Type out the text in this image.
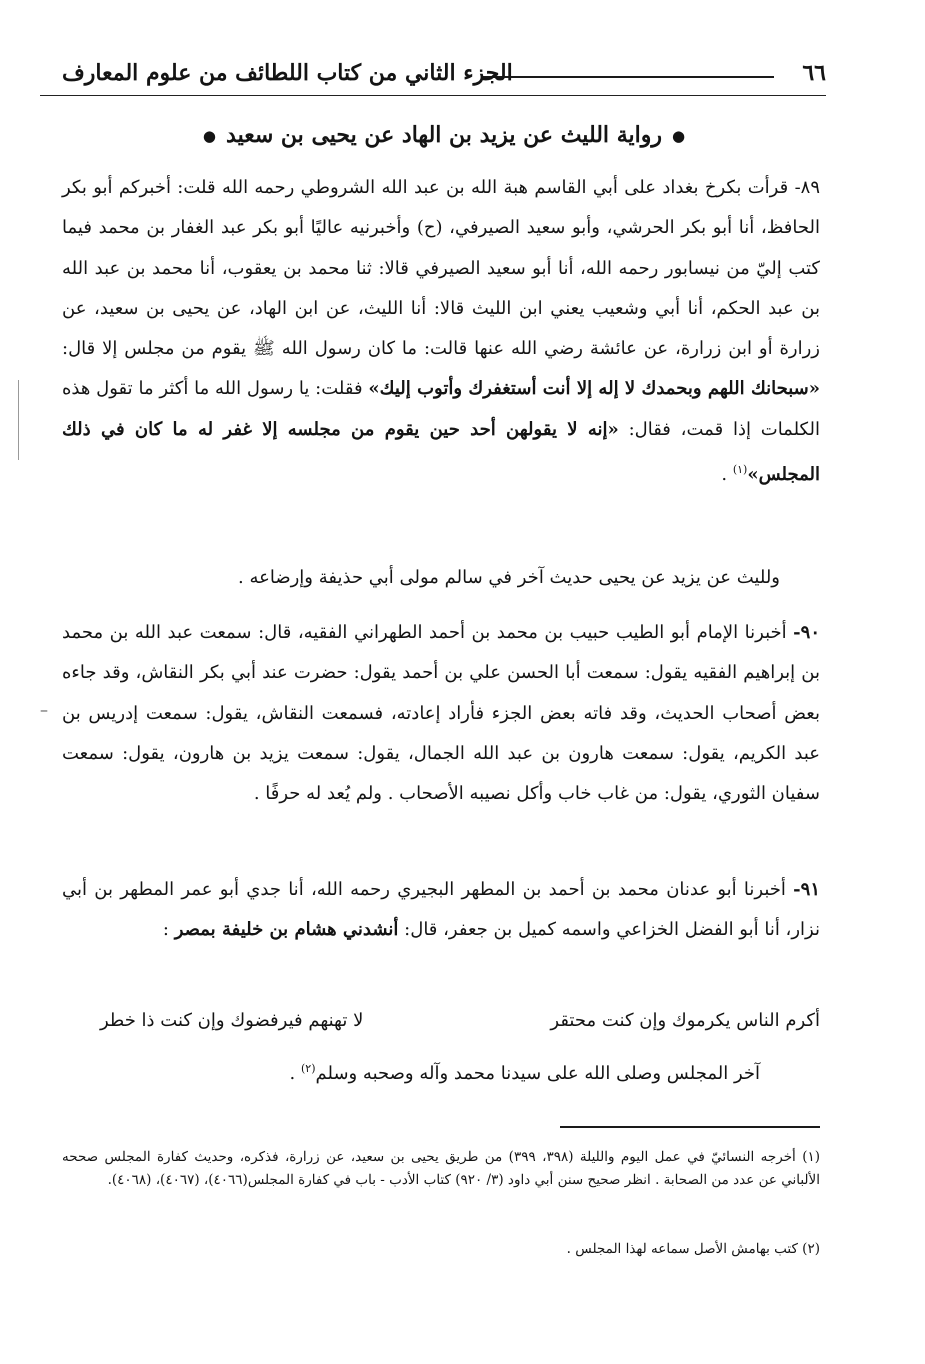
٦٦
الجزء الثاني من كتاب اللطائف من علوم المعارف
●رواية الليث عن يزيد بن الهاد عن يحيى بن سعيد●
٨٩- قرأت بكرخ بغداد على أبي القاسم هبة الله بن عبد الله الشروطي رحمه الله قلت: أخبركم أبو بكر الحافظ، أنا أبو بكر الحرشي، وأبو سعيد الصيرفي، (ح) وأخبرنيه عاليًا أبو بكر عبد الغفار بن محمد فيما كتب إليّ من نيسابور رحمه الله، أنا أبو سعيد الصيرفي قالا: ثنا محمد بن يعقوب، أنا محمد بن عبد الله بن عبد الحكم، أنا أبي وشعيب يعني ابن الليث قالا: أنا الليث، عن ابن الهاد، عن يحيى بن سعيد، عن زرارة أو ابن زرارة، عن عائشة رضي الله عنها قالت: ما كان رسول الله ﷺ يقوم من مجلس إلا قال: «سبحانك اللهم وبحمدك لا إله إلا أنت أستغفرك وأتوب إليك» فقلت: يا رسول الله ما أكثر ما تقول هذه الكلمات إذا قمت، فقال: «إنه لا يقولهن أحد حين يقوم من مجلسه إلا غفر له ما كان في ذلك المجلس»$^{(١)}$ .
ولليث عن يزيد عن يحيى حديث آخر في سالم مولى أبي حذيفة وإرضاعه .
٩٠- أخبرنا الإمام أبو الطيب حبيب بن محمد بن أحمد الطهراني الفقيه، قال: سمعت عبد الله بن محمد بن إبراهيم الفقيه يقول: سمعت أبا الحسن علي بن أحمد يقول: حضرت عند أبي بكر النقاش، وقد جاءه بعض أصحاب الحديث، وقد فاته بعض الجزء فأراد إعادته، فسمعت النقاش، يقول: سمعت إدريس بن عبد الكريم، يقول: سمعت هارون بن عبد الله الجمال، يقول: سمعت يزيد بن هارون، يقول: سمعت سفيان الثوري، يقول: من غاب خاب وأكل نصيبه الأصحاب . ولم يُعد له حرفًا .
٩١- أخبرنا أبو عدنان محمد بن أحمد بن المطهر البجيري رحمه الله، أنا جدي أبو عمر المطهر بن أبي نزار، أنا أبو الفضل الخزاعي واسمه كميل بن جعفر، قال: أنشدني هشام بن خليفة بمصر :
أكرم الناس يكرموك وإن كنت محتقر
لا تهنهم فيرفضوك وإن كنت ذا خطر
آخر المجلس وصلى الله على سيدنا محمد وآله وصحبه وسلم$^{(٢)}$ .
(١) أخرجه النسائيّ في عمل اليوم والليلة (٣٩٨، ٣٩٩) من طريق يحيى بن سعيد، عن زرارة، فذكره، وحديث كفارة المجلس صححه الألباني عن عدد من الصحابة . انظر صحيح سنن أبي داود (٣/ ٩٢٠) كتاب الأدب - باب في كفارة المجلس(٤٠٦٦)، (٤٠٦٧)، (٤٠٦٨).
(٢) كتب بهامش الأصل سماعه لهذا المجلس .
–
